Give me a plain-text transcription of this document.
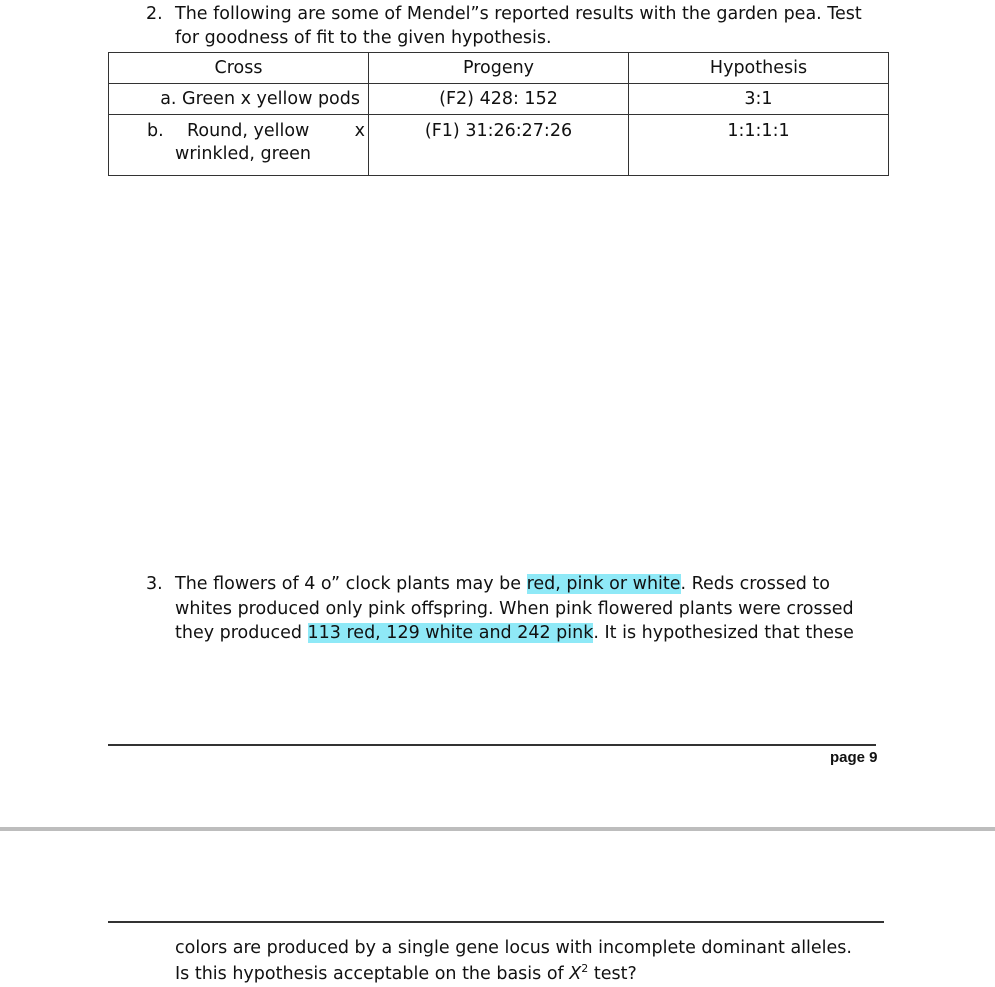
2. The following are some of Mendel”s reported results with the garden pea. Test
for goodness of fit to the given hypothesis.
Cross	Progeny	Hypothesis
a. Green x yellow pods	(F2) 428: 152	3:1

b. Round, yellow x
wrinkled, green	(F1) 31:26:27:26	1:1:1:1
3. The flowers of 4 o” clock plants may be red, pink or white. Reds crossed to
whites produced only pink offspring. When pink flowered plants were crossed
they produced 113 red, 129 white and 242 pink. It is hypothesized that these
page 9
colors are produced by a single gene locus with incomplete dominant alleles.
Is this hypothesis acceptable on the basis of $X^2$ test?
